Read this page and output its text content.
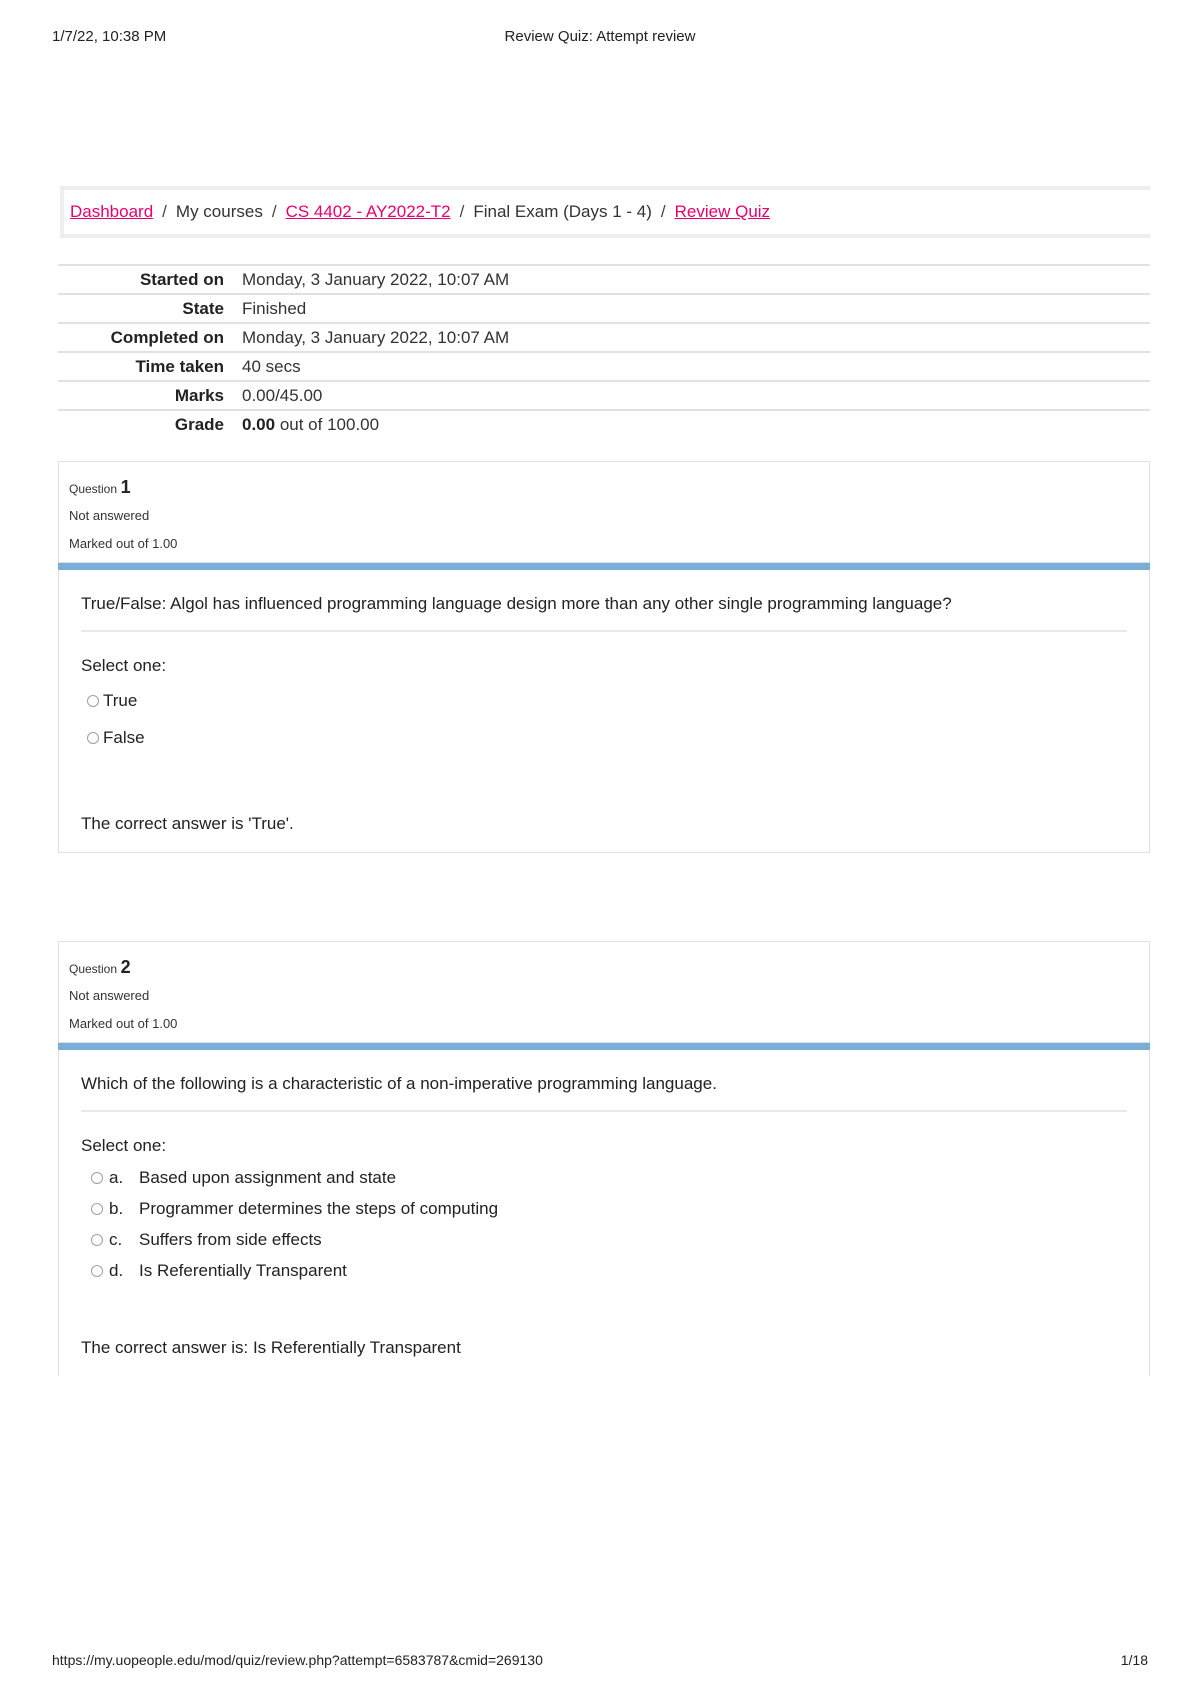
1/7/22, 10:38 PM	Review Quiz: Attempt review
Dashboard / My courses / CS 4402 - AY2022-T2 / Final Exam (Days 1 - 4) / Review Quiz
Started on	Monday, 3 January 2022, 10:07 AM
State	Finished
Completed on	Monday, 3 January 2022, 10:07 AM
Time taken	40 secs
Marks	0.00/45.00
Grade	0.00 out of 100.00
Question 1
Not answered
Marked out of 1.00
True/False: Algol has influenced programming language design more than any other single programming language?
Select one:
True
False
The correct answer is 'True'.
Question 2
Not answered
Marked out of 1.00
Which of the following is a characteristic of a non-imperative programming language.
Select one:
a. Based upon assignment and state
b. Programmer determines the steps of computing
c. Suffers from side effects
d. Is Referentially Transparent
The correct answer is: Is Referentially Transparent
https://my.uopeople.edu/mod/quiz/review.php?attempt=6583787&cmid=269130	1/18
